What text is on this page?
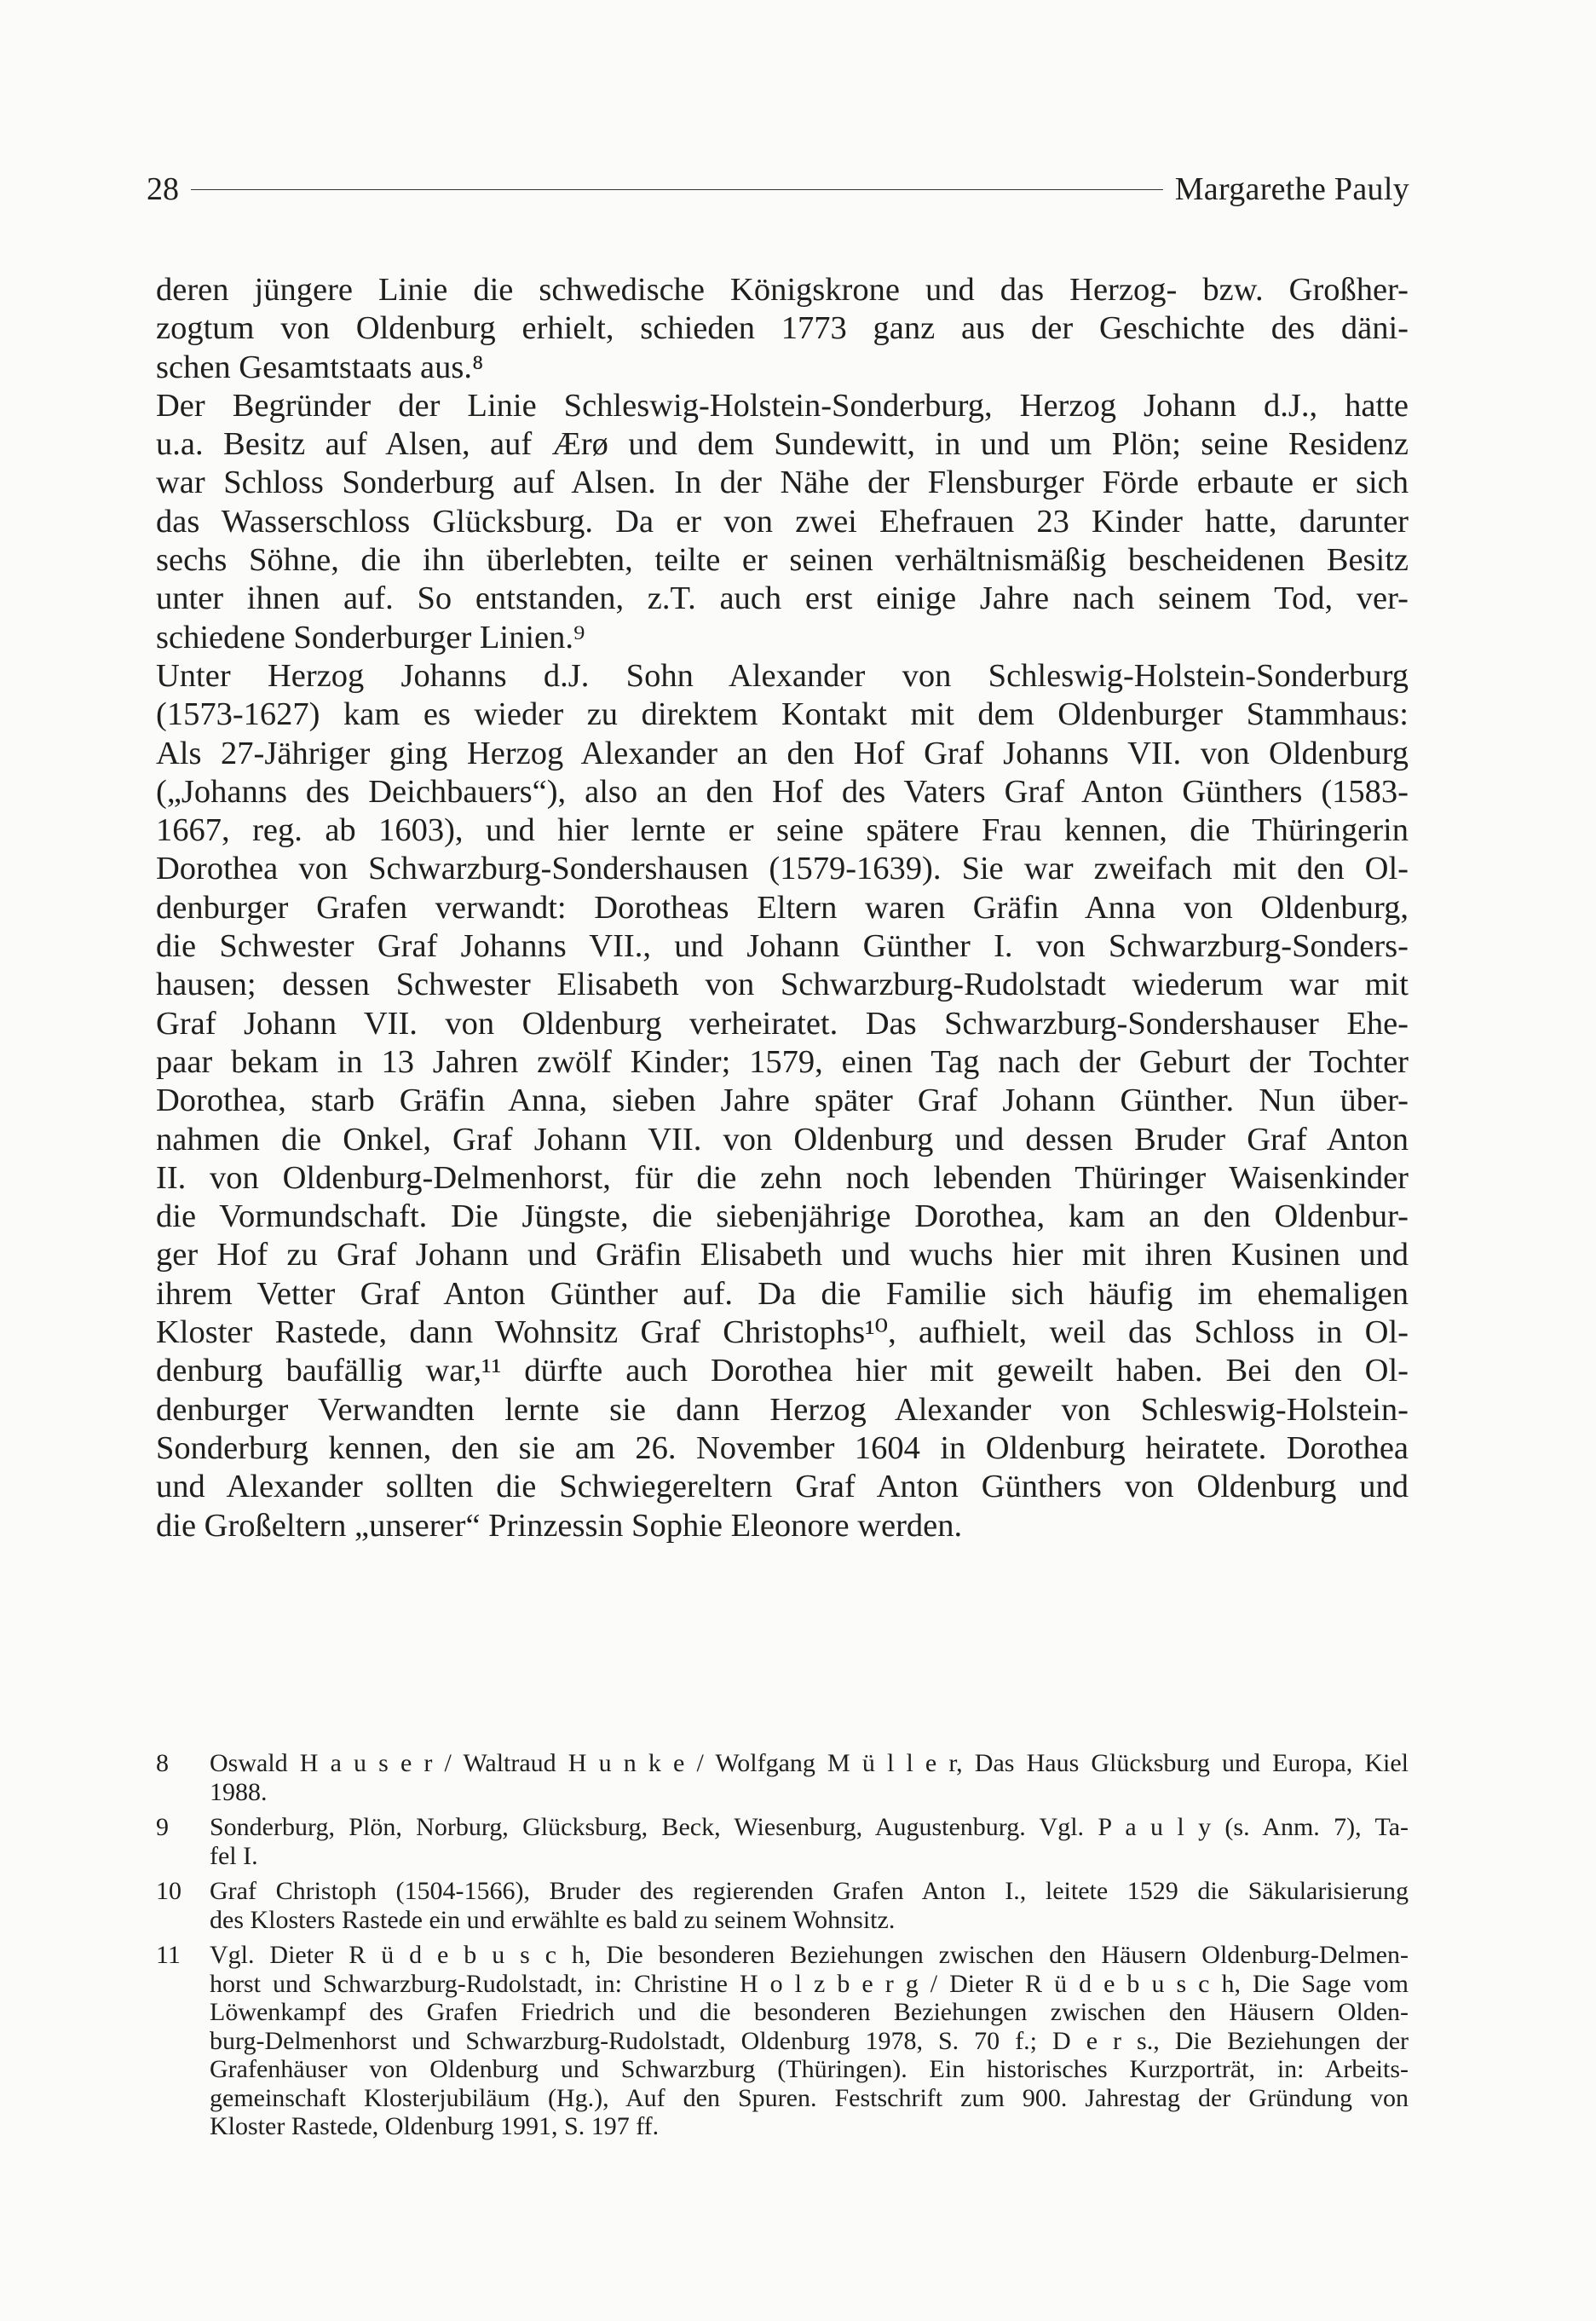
28	Margarethe Pauly

deren jüngere Linie die schwedische Königskrone und das Herzog- bzw. Großher-
zogtum von Oldenburg erhielt, schieden 1773 ganz aus der Geschichte des däni-
schen Gesamtstaats aus.⁸

Der Begründer der Linie Schleswig-Holstein-Sonderburg, Herzog Johann d.J., hatte
u.a. Besitz auf Alsen, auf Ærø und dem Sundewitt, in und um Plön; seine Residenz
war Schloss Sonderburg auf Alsen. In der Nähe der Flensburger Förde erbaute er sich
das Wasserschloss Glücksburg. Da er von zwei Ehefrauen 23 Kinder hatte, darunter
sechs Söhne, die ihn überlebten, teilte er seinen verhältnismäßig bescheidenen Besitz
unter ihnen auf. So entstanden, z.T. auch erst einige Jahre nach seinem Tod, ver-
schiedene Sonderburger Linien.⁹

Unter Herzog Johanns d.J. Sohn Alexander von Schleswig-Holstein-Sonderburg
(1573-1627) kam es wieder zu direktem Kontakt mit dem Oldenburger Stammhaus:
Als 27-Jähriger ging Herzog Alexander an den Hof Graf Johanns VII. von Oldenburg
(„Johanns des Deichbauers“), also an den Hof des Vaters Graf Anton Günthers (1583-
1667, reg. ab 1603), und hier lernte er seine spätere Frau kennen, die Thüringerin
Dorothea von Schwarzburg-Sondershausen (1579-1639). Sie war zweifach mit den Ol-
denburger Grafen verwandt: Dorotheas Eltern waren Gräfin Anna von Oldenburg,
die Schwester Graf Johanns VII., und Johann Günther I. von Schwarzburg-Sonders-
hausen; dessen Schwester Elisabeth von Schwarzburg-Rudolstadt wiederum war mit
Graf Johann VII. von Oldenburg verheiratet. Das Schwarzburg-Sondershauser Ehe-
paar bekam in 13 Jahren zwölf Kinder; 1579, einen Tag nach der Geburt der Tochter
Dorothea, starb Gräfin Anna, sieben Jahre später Graf Johann Günther. Nun über-
nahmen die Onkel, Graf Johann VII. von Oldenburg und dessen Bruder Graf Anton
II. von Oldenburg-Delmenhorst, für die zehn noch lebenden Thüringer Waisenkinder
die Vormundschaft. Die Jüngste, die siebenjährige Dorothea, kam an den Oldenbur-
ger Hof zu Graf Johann und Gräfin Elisabeth und wuchs hier mit ihren Kusinen und
ihrem Vetter Graf Anton Günther auf. Da die Familie sich häufig im ehemaligen
Kloster Rastede, dann Wohnsitz Graf Christophs¹⁰, aufhielt, weil das Schloss in Ol-
denburg baufällig war,¹¹ dürfte auch Dorothea hier mit geweilt haben. Bei den Ol-
denburger Verwandten lernte sie dann Herzog Alexander von Schleswig-Holstein-
Sonderburg kennen, den sie am 26. November 1604 in Oldenburg heiratete. Dorothea
und Alexander sollten die Schwiegereltern Graf Anton Günthers von Oldenburg und
die Großeltern „unserer“ Prinzessin Sophie Eleonore werden.

8	Oswald H a u s e r / Waltraud H u n k e / Wolfgang M ü l l e r, Das Haus Glücksburg und Europa, Kiel
1988.
9	Sonderburg, Plön, Norburg, Glücksburg, Beck, Wiesenburg, Augustenburg. Vgl. P a u l y (s. Anm. 7), Ta-
fel I.
10	Graf Christoph (1504-1566), Bruder des regierenden Grafen Anton I., leitete 1529 die Säkularisierung
des Klosters Rastede ein und erwählte es bald zu seinem Wohnsitz.
11	Vgl. Dieter R ü d e b u s c h, Die besonderen Beziehungen zwischen den Häusern Oldenburg-Delmen-
horst und Schwarzburg-Rudolstadt, in: Christine H o l z b e r g / Dieter R ü d e b u s c h, Die Sage vom
Löwenkampf des Grafen Friedrich und die besonderen Beziehungen zwischen den Häusern Olden-
burg-Delmenhorst und Schwarzburg-Rudolstadt, Oldenburg 1978, S. 70 f.; D e r s., Die Beziehungen der
Grafenhäuser von Oldenburg und Schwarzburg (Thüringen). Ein historisches Kurzporträt, in: Arbeits-
gemeinschaft Klosterjubiläum (Hg.), Auf den Spuren. Festschrift zum 900. Jahrestag der Gründung von
Kloster Rastede, Oldenburg 1991, S. 197 ff.
